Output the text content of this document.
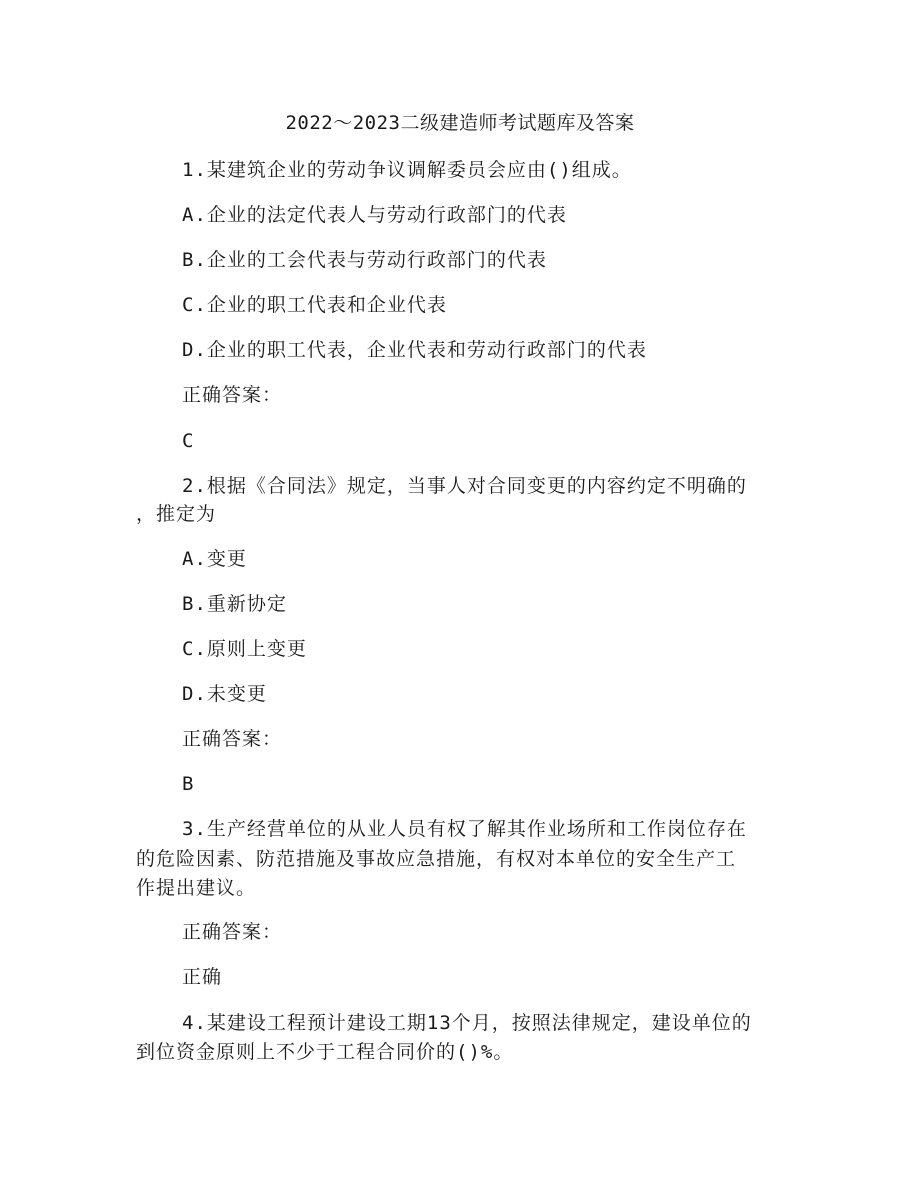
2022～2023二级建造师考试题库及答案
1.某建筑企业的劳动争议调解委员会应由()组成。
A.企业的法定代表人与劳动行政部门的代表
B.企业的工会代表与劳动行政部门的代表
C.企业的职工代表和企业代表
D.企业的职工代表，企业代表和劳动行政部门的代表
正确答案：
C
2.根据《合同法》规定，当事人对合同变更的内容约定不明确的
，推定为
A.变更
B.重新协定
C.原则上变更
D.未变更
正确答案：
B
3.生产经营单位的从业人员有权了解其作业场所和工作岗位存在
的危险因素、防范措施及事故应急措施，有权对本单位的安全生产工
作提出建议。
正确答案：
正确
4.某建设工程预计建设工期13个月，按照法律规定，建设单位的
到位资金原则上不少于工程合同价的()%。
